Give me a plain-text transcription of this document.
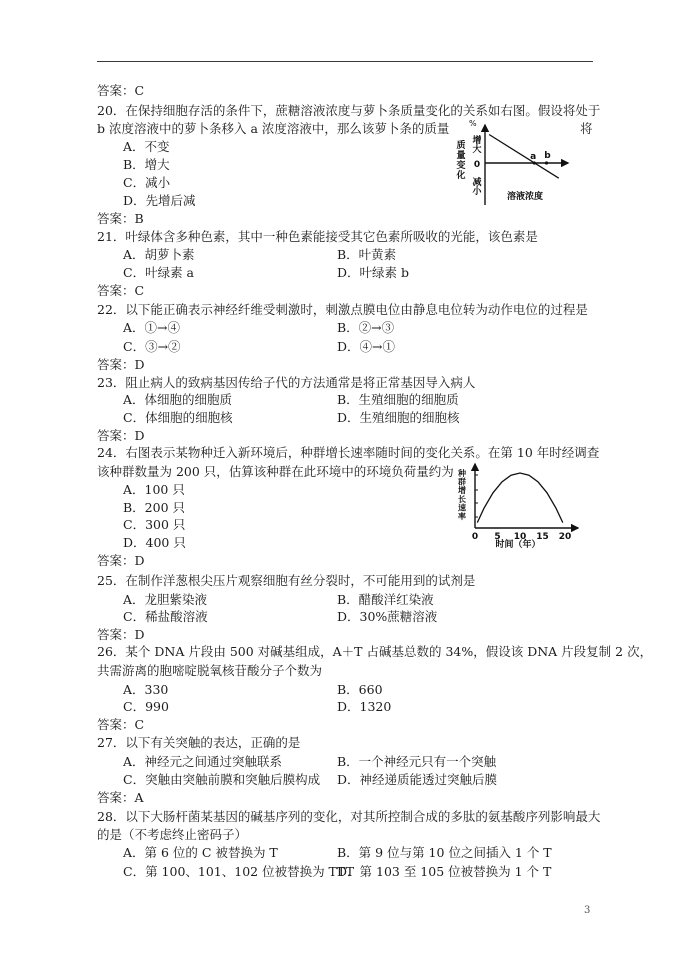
答案：C
20．在保持细胞存活的条件下，蔗糖溶液浓度与萝卜条质量变化的关系如右图。假设将处于
b 浓度溶液中的萝卜条移入 a 浓度溶液中，那么该萝卜条的质量	将
A．不变
B．增大
C．减小
D．先增后减
答案：B
%
质
量
变
化
增
大
0
减
小	溶液浓度
a b
21．叶绿体含多种色素，其中一种色素能接受其它色素所吸收的光能，该色素是
A．胡萝卜素	B．叶黄素
C．叶绿素 a	D．叶绿素 b
答案：C
22．以下能正确表示神经纤维受刺激时，刺激点膜电位由静息电位转为动作电位的过程是
A．①→④	B．②→③
C．③→②	D．④→①
答案：D
23．阻止病人的致病基因传给子代的方法通常是将正常基因导入病人
A．体细胞的细胞质	B．生殖细胞的细胞质
C．体细胞的细胞核	D．生殖细胞的细胞核
答案：D
24．右图表示某物种迁入新环境后，种群增长速率随时间的变化关系。在第 10 年时经调查
该种群数量为 200 只，估算该种群在此环境中的环境负荷量约为
A．100 只
B．200 只
C．300 只
D．400 只
答案：D
种
群
增
长
速
率
0 5 10 15 20
时间（年）
25．在制作洋葱根尖压片观察细胞有丝分裂时，不可能用到的试剂是
A．龙胆紫染液	B．醋酸洋红染液
C．稀盐酸溶液	D．30%蔗糖溶液
答案：D
26．某个 DNA 片段由 500 对碱基组成，A＋T 占碱基总数的 34%，假设该 DNA 片段复制 2 次，
共需游离的胞嘧啶脱氧核苷酸分子个数为
A．330	B．660
C．990	D．1320
答案：C
27．以下有关突触的表达，正确的是
A．神经元之间通过突触联系	B．一个神经元只有一个突触
C．突触由突触前膜和突触后膜构成 D．神经递质能透过突触后膜
答案：A
28．以下大肠杆菌某基因的碱基序列的变化，对其所控制合成的多肽的氨基酸序列影响最大
的是（不考虑终止密码子）
A．第 6 位的 C 被替换为 T	B．第 9 位与第 10 位之间插入 1 个 T
C．第 100、101、102 位被替换为 TTT
D．第 103 至 105 位被替换为 1 个 T
3
